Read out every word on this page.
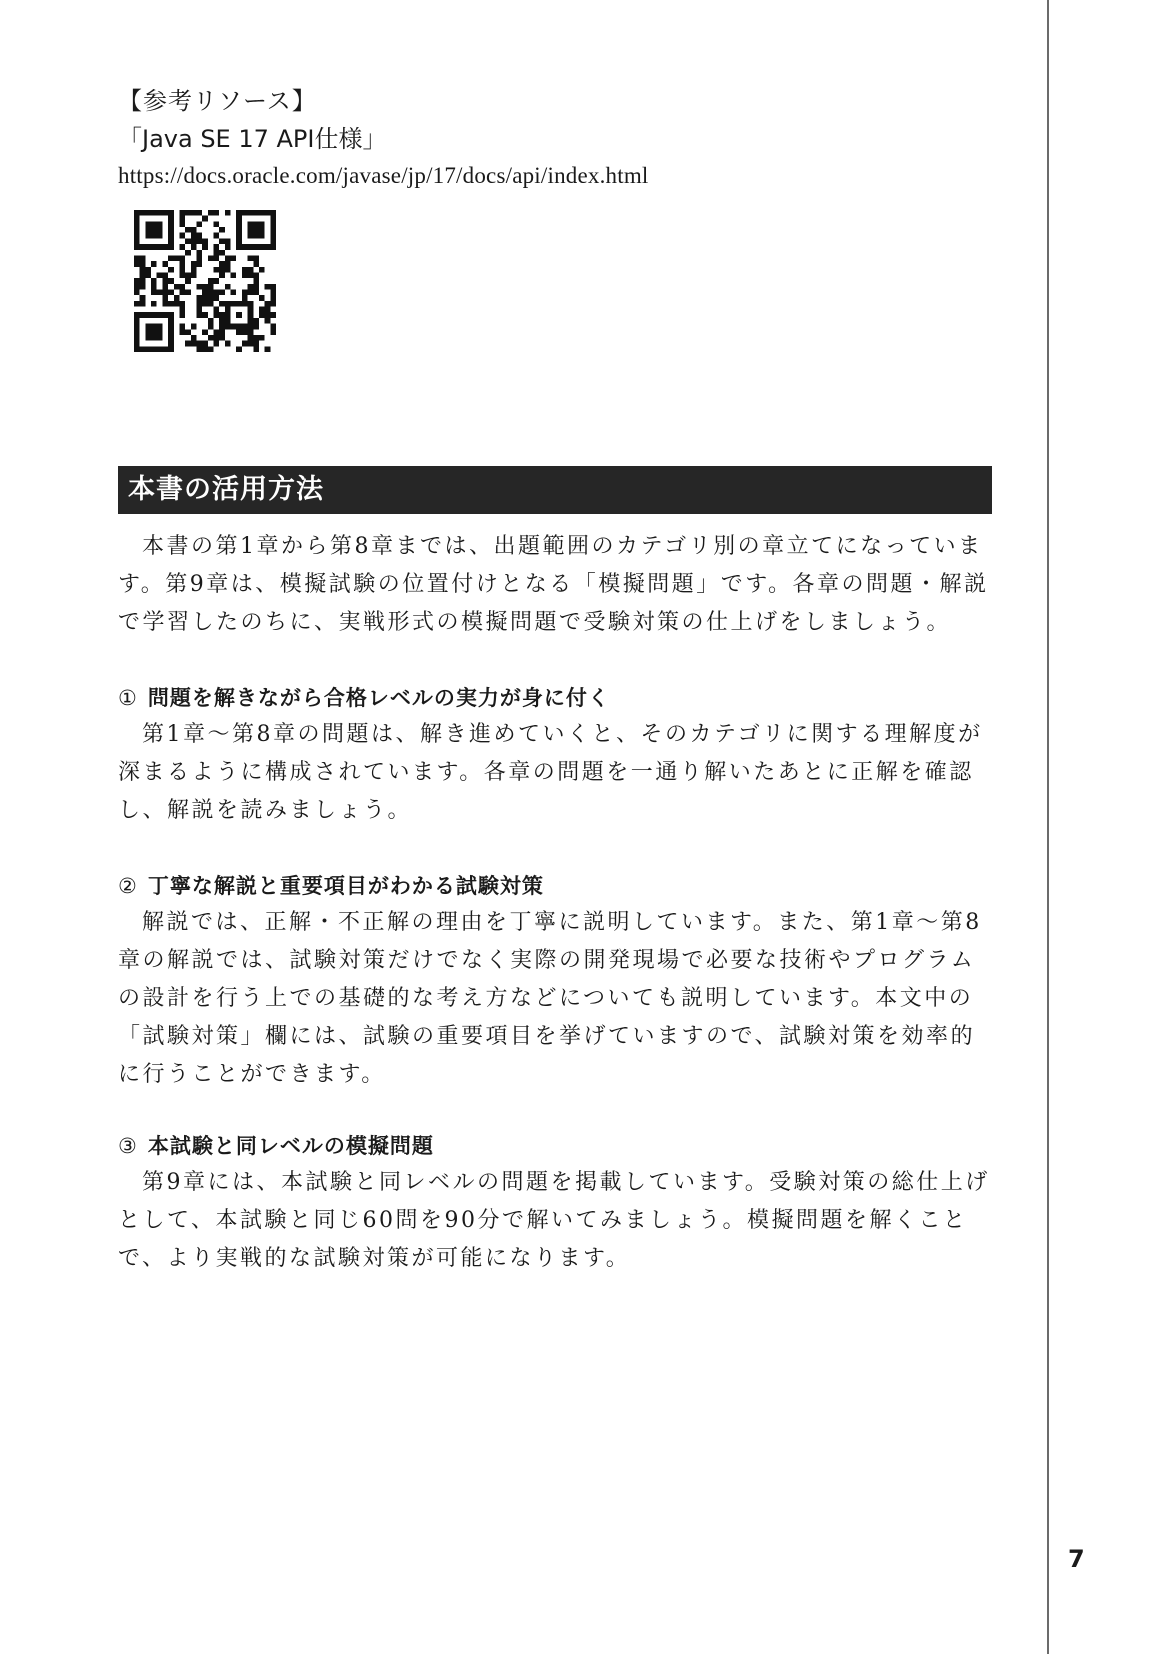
【参考リソース】
「Java SE 17 API仕様」
https://docs.oracle.com/javase/jp/17/docs/api/index.html
本書の活用方法

本書の第1章から第8章までは、出題範囲のカテゴリ別の章立てになっています。第9章は、模擬試験の位置付けとなる「模擬問題」です。各章の問題・解説で学習したのちに、実戦形式の模擬問題で受験対策の仕上げをしましょう。

① 問題を解きながら合格レベルの実力が身に付く

第1章〜第8章の問題は、解き進めていくと、そのカテゴリに関する理解度が深まるように構成されています。各章の問題を一通り解いたあとに正解を確認し、解説を読みましょう。

② 丁寧な解説と重要項目がわかる試験対策

解説では、正解・不正解の理由を丁寧に説明しています。また、第1章〜第8章の解説では、試験対策だけでなく実際の開発現場で必要な技術やプログラムの設計を行う上での基礎的な考え方などについても説明しています。本文中の「試験対策」欄には、試験の重要項目を挙げていますので、試験対策を効率的に行うことができます。

③ 本試験と同レベルの模擬問題

第9章には、本試験と同レベルの問題を掲載しています。受験対策の総仕上げとして、本試験と同じ60問を90分で解いてみましょう。模擬問題を解くことで、より実戦的な試験対策が可能になります。

7
